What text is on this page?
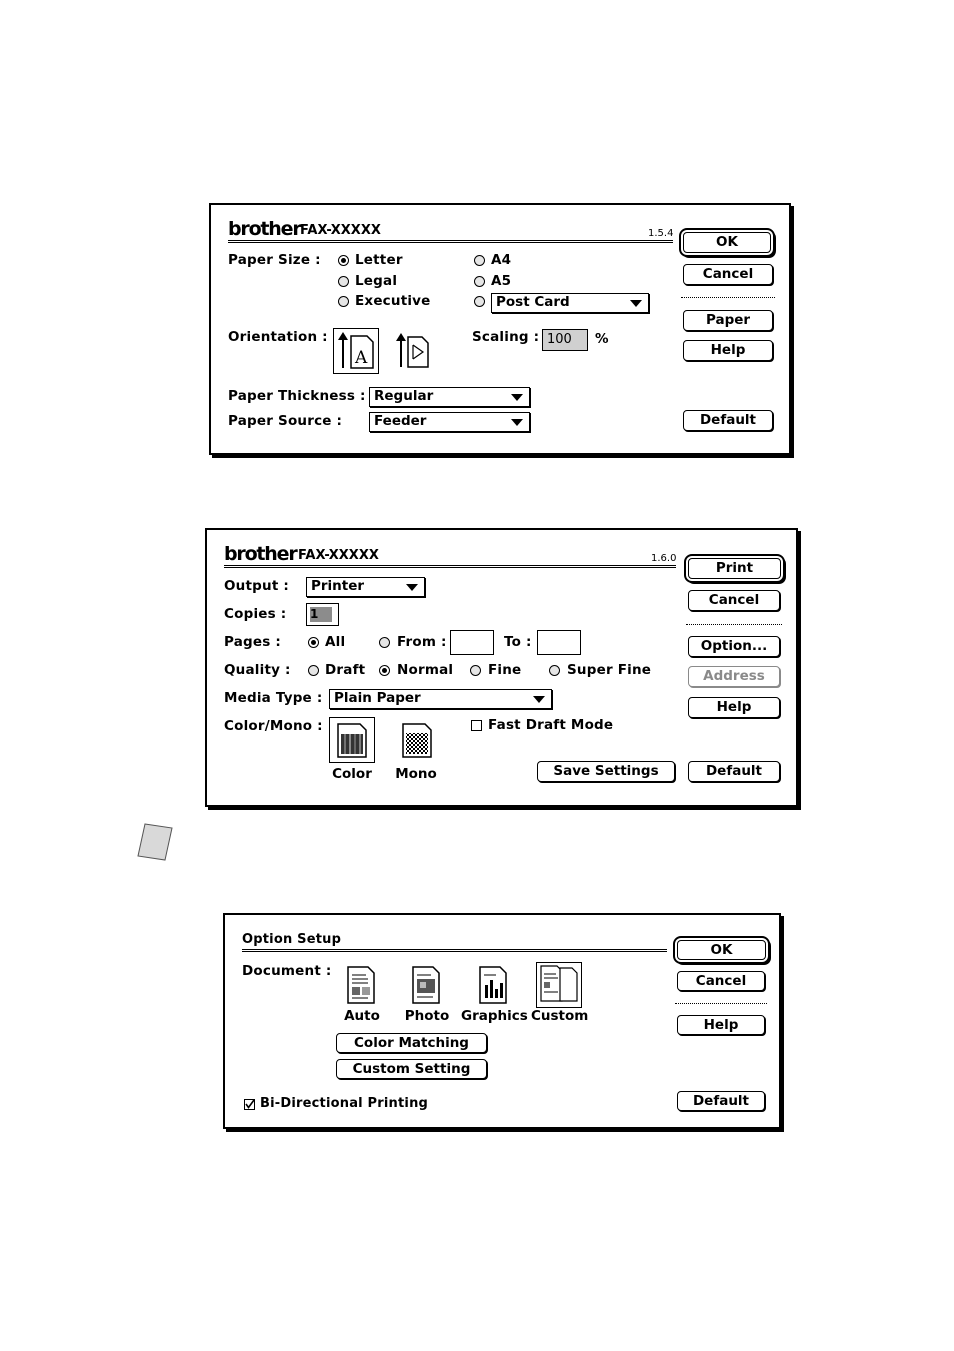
brother FAX-XXXXX	1.5.4
Paper Size :	Letter
Legal
Executive
A4
A5
Post Card
Orientation :
A
Scaling : 100	%
Paper Thickness : Regular
Paper Source :	Feeder
OK
Cancel
Paper
Help
Default
brother FAX-XXXXX	1.6.0
Output :	Printer
Copies :	1
Pages :	All	From :	To :
Quality :	Draft Normal	Fine	Super Fine
Media Type : Plain Paper
Color/Mono :
Color Mono
Fast Draft Mode
Print
Cancel
Option...
Address
Help
Save Settings	Default
Option Setup
Document :
Auto	Photo Graphics Custom
Color Matching
Custom Setting
Bi-Directional Printing
OK
Cancel
Help
Default
